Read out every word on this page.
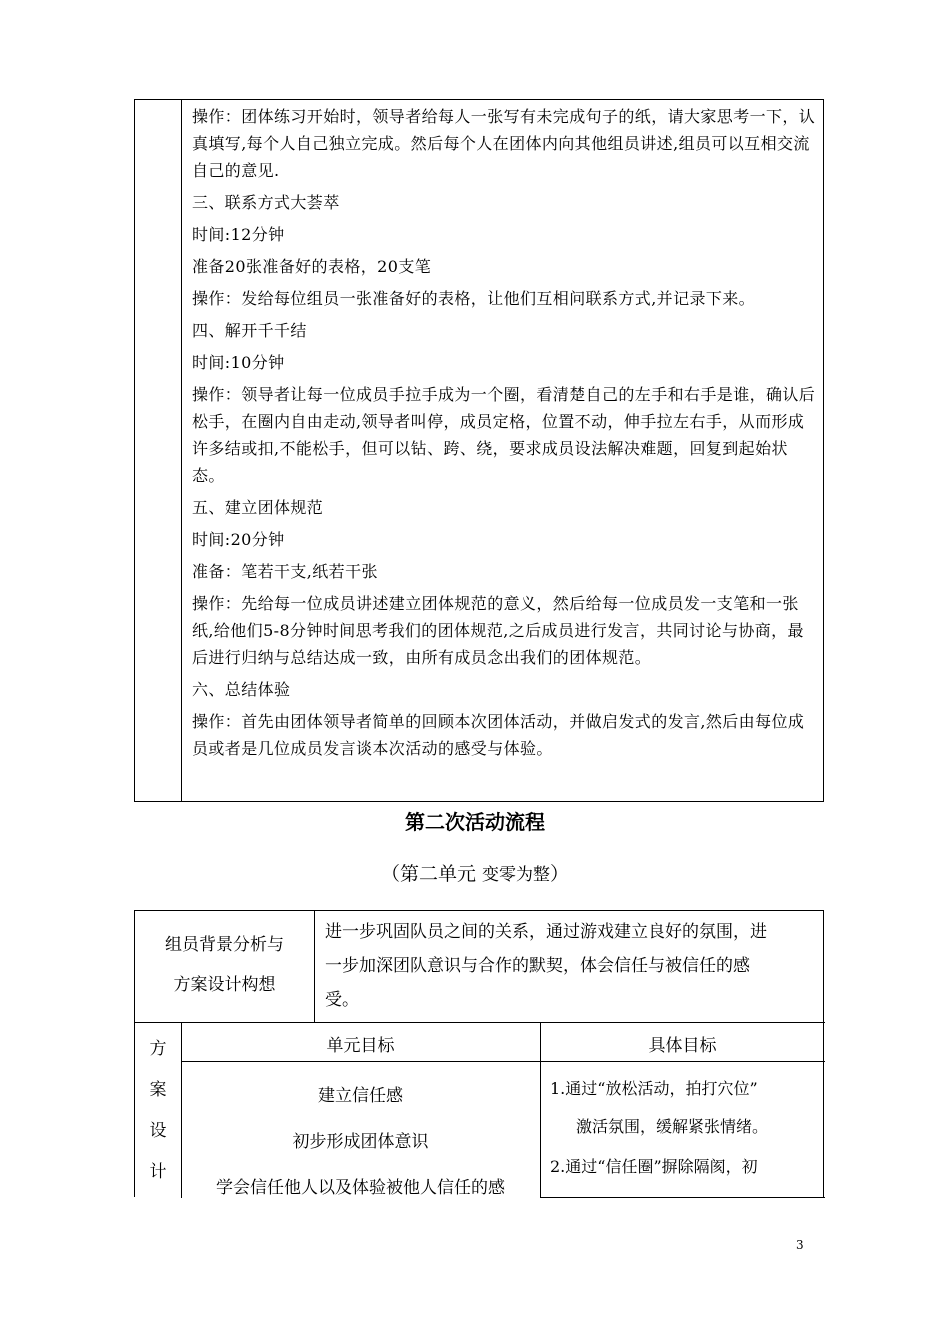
操作：团体练习开始时，领导者给每人一张写有未完成句子的纸，请大家思考一下，认真填写,每个人自己独立完成。然后每个人在团体内向其他组员讲述,组员可以互相交流自己的意见.

三、联系方式大荟萃

时间:12分钟

准备20张准备好的表格，20支笔

操作：发给每位组员一张准备好的表格，让他们互相问联系方式,并记录下来。

四、解开千千结

时间:10分钟

操作：领导者让每一位成员手拉手成为一个圈，看清楚自己的左手和右手是谁，确认后松手，在圈内自由走动,领导者叫停，成员定格，位置不动，伸手拉左右手，从而形成许多结或扣,不能松手，但可以钻、跨、绕，要求成员设法解决难题，回复到起始状态。

五、建立团体规范

时间:20分钟

准备：笔若干支,纸若干张

操作：先给每一位成员讲述建立团体规范的意义，然后给每一位成员发一支笔和一张纸,给他们5-8分钟时间思考我们的团体规范,之后成员进行发言，共同讨论与协商，最后进行归纳与总结达成一致，由所有成员念出我们的团体规范。

六、总结体验

操作：首先由团体领导者简单的回顾本次团体活动，并做启发式的发言,然后由每位成员或者是几位成员发言谈本次活动的感受与体验。

第二次活动流程
（第二单元 变零为整）
组员背景分析与
方案设计构想
进一步巩固队员之间的关系，通过游戏建立良好的氛围，进
一步加深团队意识与合作的默契，体会信任与被信任的感
受。
方
案
设
计
单元目标	具体目标
建立信任感
初步形成团体意识
学会信任他人以及体验被他人信任的感
1.通过“放松活动，拍打穴位”
激活氛围，缓解紧张情绪。
2.通过“信任圈”摒除隔阂，初
3
